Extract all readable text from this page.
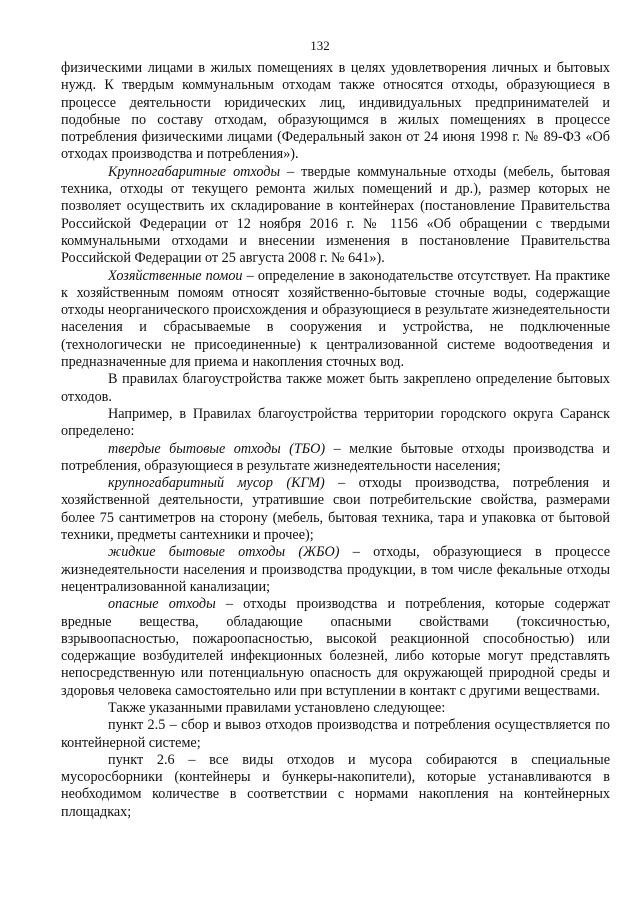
132

физическими лицами в жилых помещениях в целях удовлетворения личных и бытовых нужд. К твердым коммунальным отходам также относятся отходы, образующиеся в процессе деятельности юридических лиц, индивидуальных предпринимателей и подобные по составу отходам, образующимся в жилых помещениях в процессе потребления физическими лицами (Федеральный закон от 24 июня 1998 г. № 89-ФЗ «Об отходах производства и потребления»).

Крупногабаритные отходы – твердые коммунальные отходы (мебель, бытовая техника, отходы от текущего ремонта жилых помещений и др.), размер которых не позволяет осуществить их складирование в контейнерах (постановление Правительства Российской Федерации от 12 ноября 2016 г. № 1156 «Об обращении с твердыми коммунальными отходами и внесении изменения в постановление Правительства Российской Федерации от 25 августа 2008 г. № 641»).

Хозяйственные помои – определение в законодательстве отсутствует. На практике к хозяйственным помоям относят хозяйственно-бытовые сточные воды, содержащие отходы неорганического происхождения и образующиеся в результате жизнедеятельности населения и сбрасываемые в сооружения и устройства, не подключенные (технологически не присоединенные) к централизованной системе водоотведения и предназначенные для приема и накопления сточных вод.

В правилах благоустройства также может быть закреплено определение бытовых отходов.

Например, в Правилах благоустройства территории городского округа Саранск определено:

твердые бытовые отходы (ТБО) – мелкие бытовые отходы производства и потребления, образующиеся в результате жизнедеятельности населения;

крупногабаритный мусор (КГМ) – отходы производства, потребления и хозяйственной деятельности, утратившие свои потребительские свойства, размерами более 75 сантиметров на сторону (мебель, бытовая техника, тара и упаковка от бытовой техники, предметы сантехники и прочее);

жидкие бытовые отходы (ЖБО) – отходы, образующиеся в процессе жизнедеятельности населения и производства продукции, в том числе фекальные отходы нецентрализованной канализации;

опасные отходы – отходы производства и потребления, которые содержат вредные вещества, обладающие опасными свойствами (токсичностью, взрывоопасностью, пожароопасностью, высокой реакционной способностью) или содержащие возбудителей инфекционных болезней, либо которые могут представлять непосредственную или потенциальную опасность для окружающей природной среды и здоровья человека самостоятельно или при вступлении в контакт с другими веществами.

Также указанными правилами установлено следующее:

пункт 2.5 – сбор и вывоз отходов производства и потребления осуществляется по контейнерной системе;

пункт 2.6 – все виды отходов и мусора собираются в специальные мусоросборники (контейнеры и бункеры-накопители), которые устанавливаются в необходимом количестве в соответствии с нормами накопления на контейнерных площадках;
